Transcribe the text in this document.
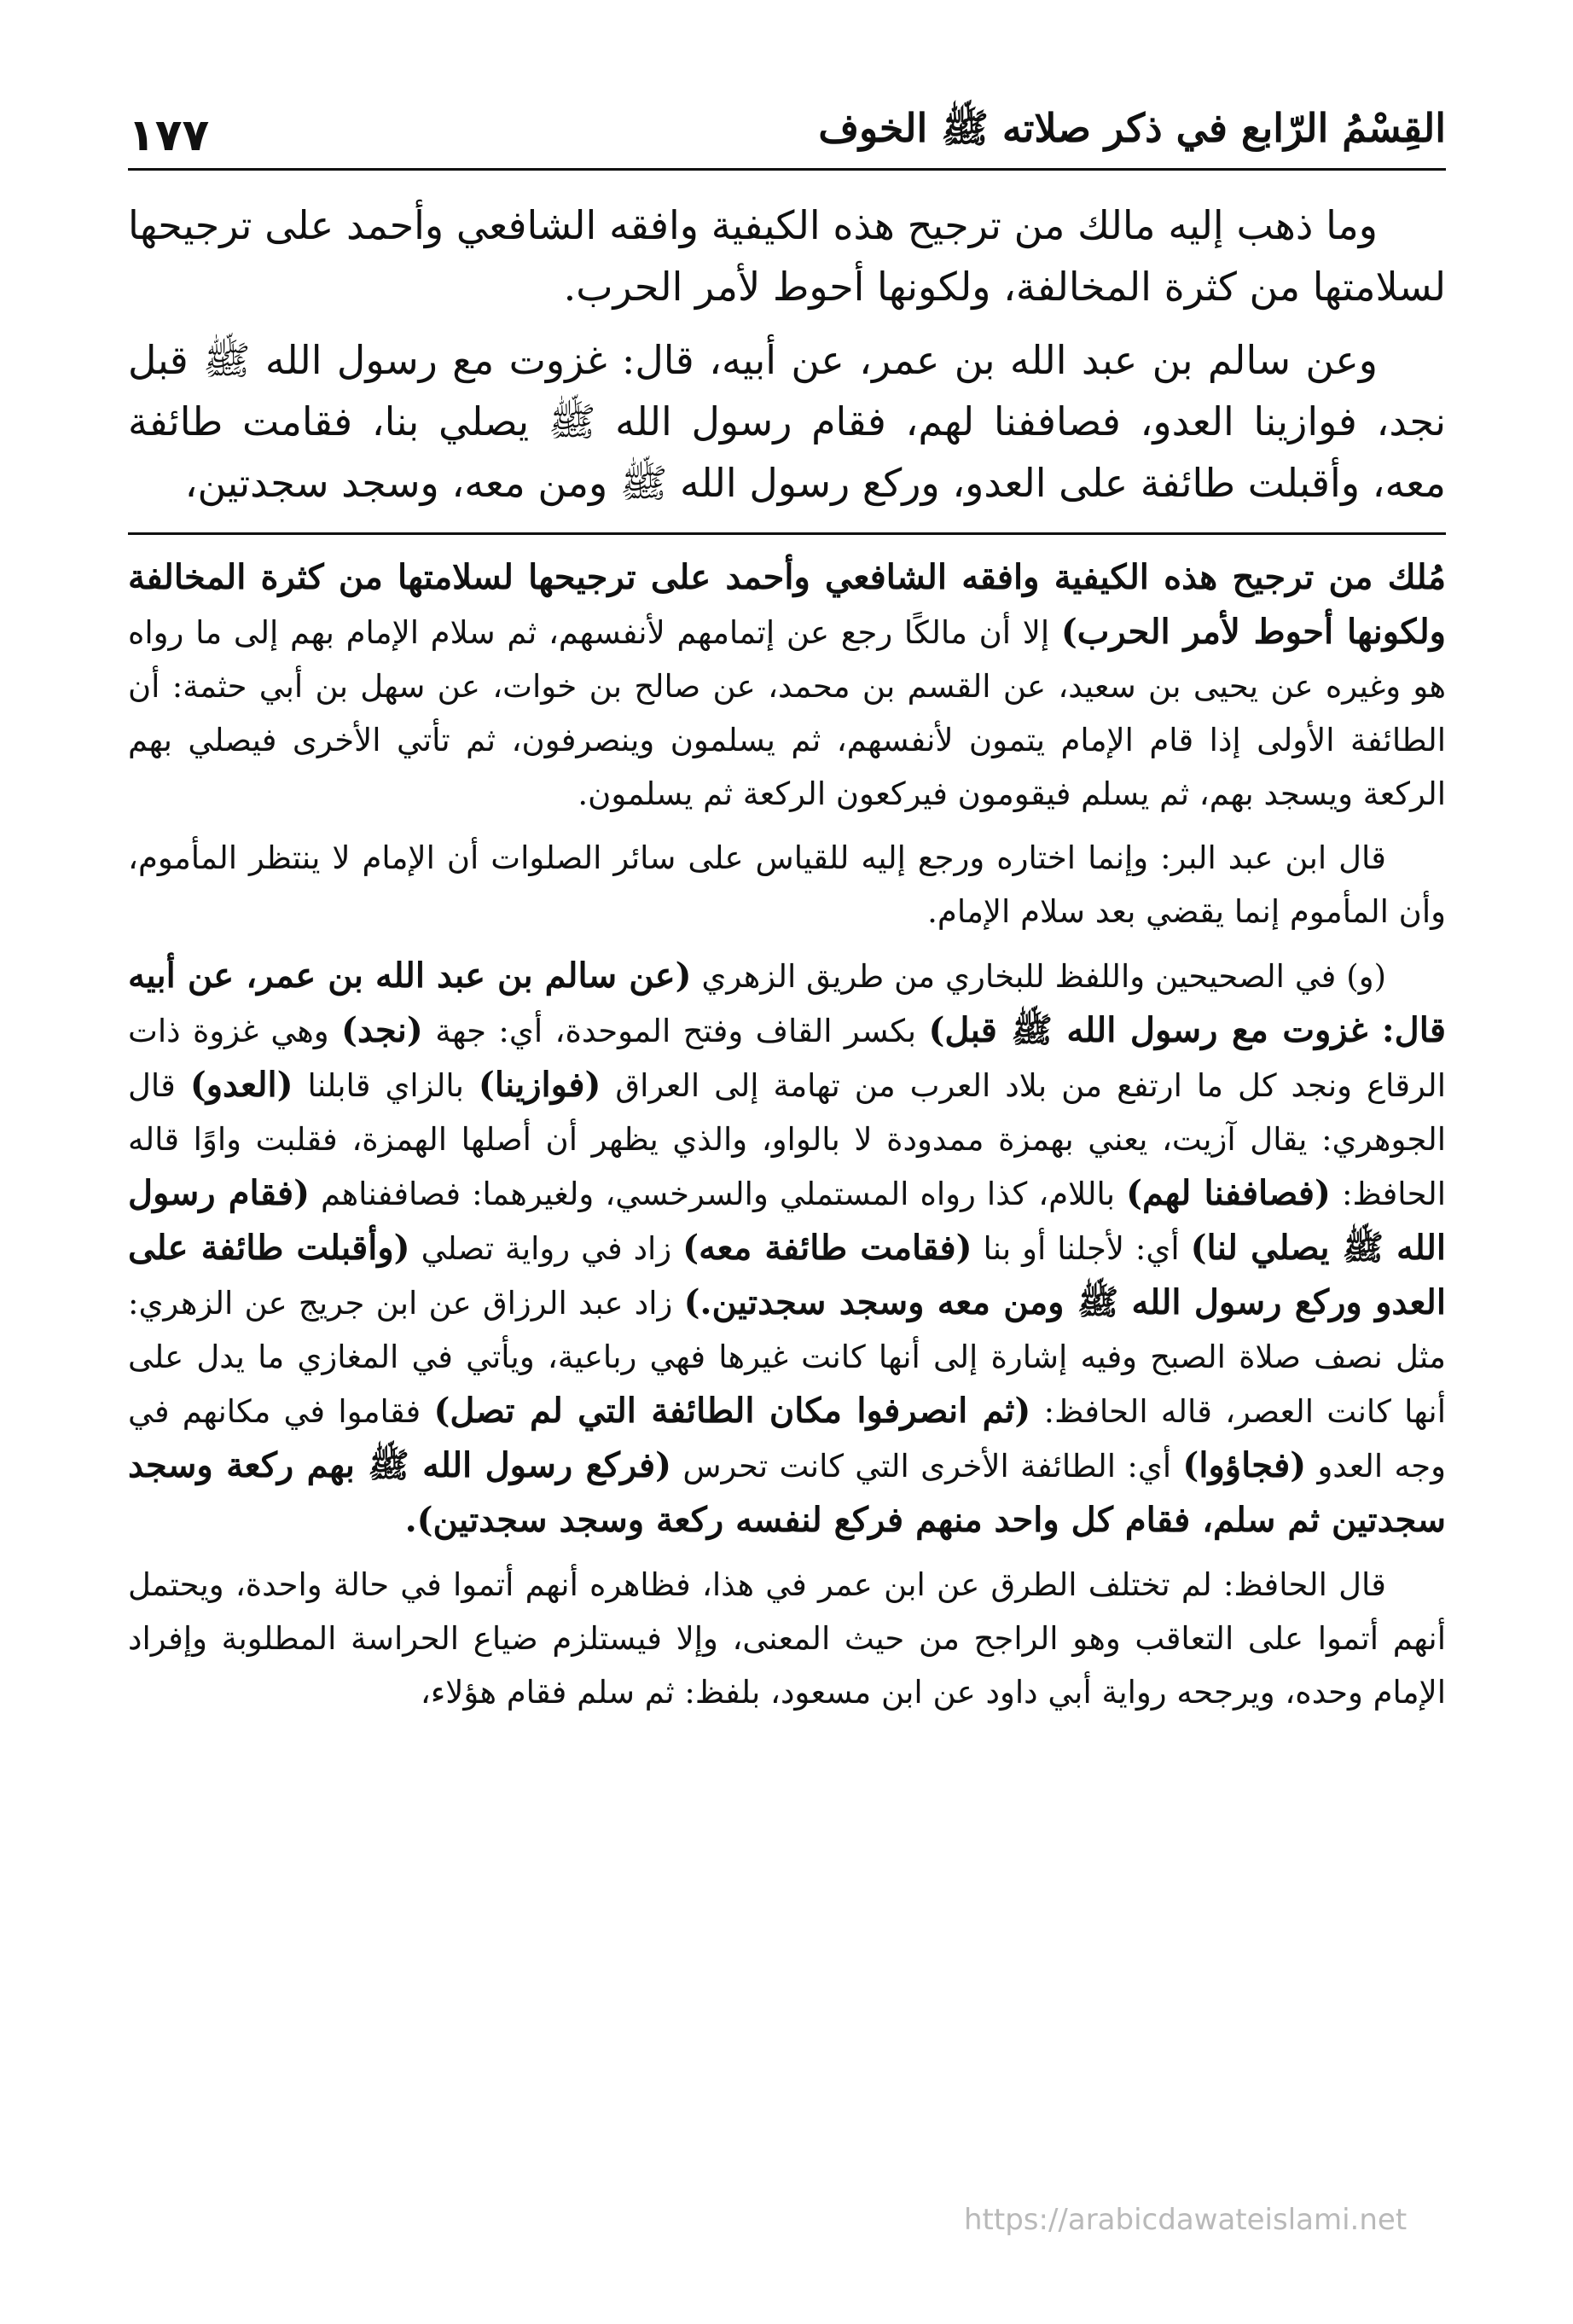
القِسْمُ الرّابع في ذكر صلاته ﷺ الخوف
١٧٧

وما ذهب إليه مالك من ترجيح هذه الكيفية وافقه الشافعي وأحمد على ترجيحها لسلامتها من كثرة المخالفة، ولكونها أحوط لأمر الحرب.

وعن سالم بن عبد الله بن عمر، عن أبيه، قال: غزوت مع رسول الله ﷺ قبل نجد، فوازينا العدو، فصاففنا لهم، فقام رسول الله ﷺ يصلي بنا، فقامت طائفة معه، وأقبلت طائفة على العدو، وركع رسول الله ﷺ ومن معه، وسجد سجدتين،

مُلك من ترجيح هذه الكيفية وافقه الشافعي وأحمد على ترجيحها لسلامتها من كثرة المخالفة ولكونها أحوط لأمر الحرب) إلا أن مالكًا رجع عن إتمامهم لأنفسهم، ثم سلام الإمام بهم إلى ما رواه هو وغيره عن يحيى بن سعيد، عن القسم بن محمد، عن صالح بن خوات، عن سهل بن أبي حثمة: أن الطائفة الأولى إذا قام الإمام يتمون لأنفسهم، ثم يسلمون وينصرفون، ثم تأتي الأخرى فيصلي بهم الركعة ويسجد بهم، ثم يسلم فيقومون فيركعون الركعة ثم يسلمون.

قال ابن عبد البر: وإنما اختاره ورجع إليه للقياس على سائر الصلوات أن الإمام لا ينتظر المأموم، وأن المأموم إنما يقضي بعد سلام الإمام.

(و) في الصحيحين واللفظ للبخاري من طريق الزهري (عن سالم بن عبد الله بن عمر، عن أبيه قال: غزوت مع رسول الله ﷺ قبل) بكسر القاف وفتح الموحدة، أي: جهة (نجد) وهي غزوة ذات الرقاع ونجد كل ما ارتفع من بلاد العرب من تهامة إلى العراق (فوازينا) بالزاي قابلنا (العدو) قال الجوهري: يقال آزيت، يعني بهمزة ممدودة لا بالواو، والذي يظهر أن أصلها الهمزة، فقلبت واوًا قاله الحافظ: (فصاففنا لهم) باللام، كذا رواه المستملي والسرخسي، ولغيرهما: فصاففناهم (فقام رسول الله ﷺ يصلي لنا) أي: لأجلنا أو بنا (فقامت طائفة معه) زاد في رواية تصلي (وأقبلت طائفة على العدو وركع رسول الله ﷺ ومن معه وسجد سجدتين.) زاد عبد الرزاق عن ابن جريج عن الزهري: مثل نصف صلاة الصبح وفيه إشارة إلى أنها كانت غيرها فهي رباعية، ويأتي في المغازي ما يدل على أنها كانت العصر، قاله الحافظ: (ثم انصرفوا مكان الطائفة التي لم تصل) فقاموا في مكانهم في وجه العدو (فجاؤوا) أي: الطائفة الأخرى التي كانت تحرس (فركع رسول الله ﷺ بهم ركعة وسجد سجدتين ثم سلم، فقام كل واحد منهم فركع لنفسه ركعة وسجد سجدتين).

قال الحافظ: لم تختلف الطرق عن ابن عمر في هذا، فظاهره أنهم أتموا في حالة واحدة، ويحتمل أنهم أتموا على التعاقب وهو الراجح من حيث المعنى، وإلا فيستلزم ضياع الحراسة المطلوبة وإفراد الإمام وحده، ويرجحه رواية أبي داود عن ابن مسعود، بلفظ: ثم سلم فقام هؤلاء،

https://arabicdawateislami.net
